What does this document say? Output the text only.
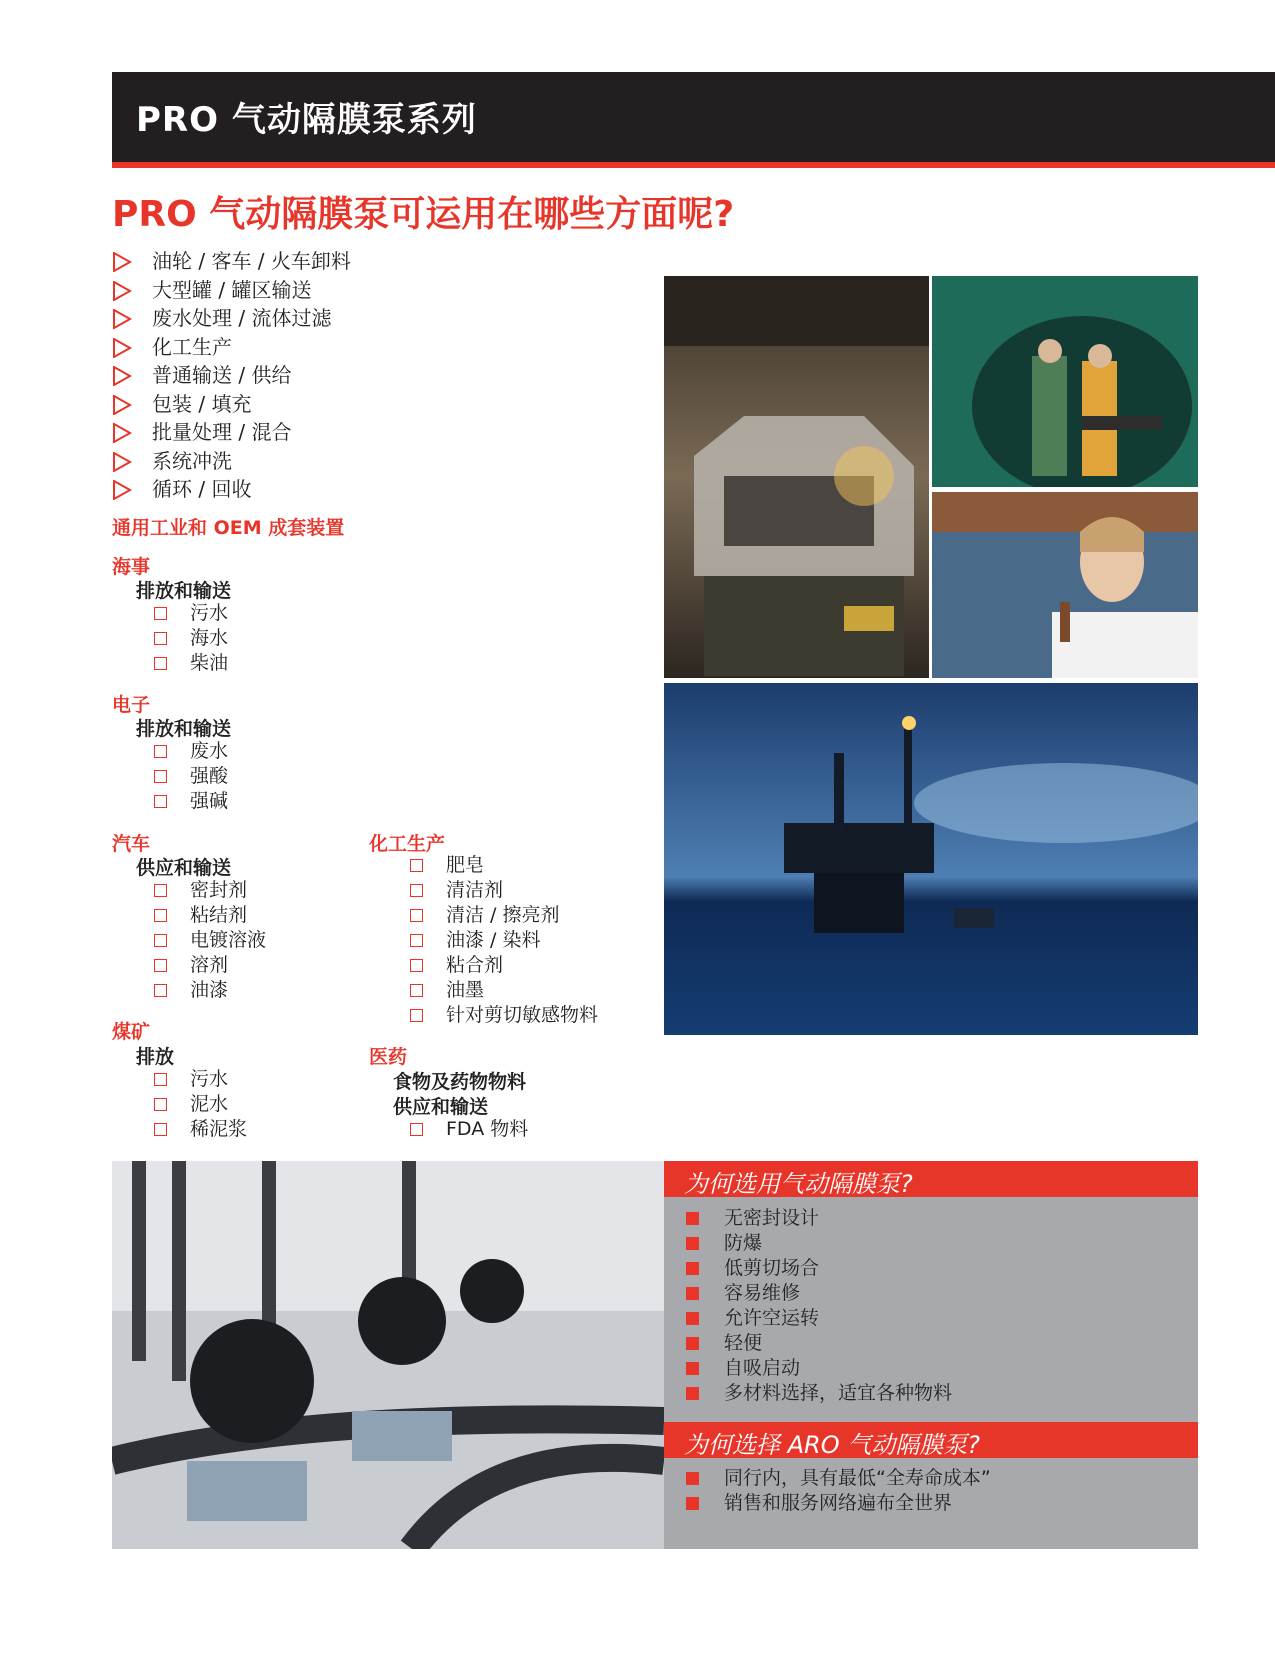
PRO 气动隔膜泵系列
PRO 气动隔膜泵可运用在哪些方面呢?
油轮 / 客车 / 火车卸料
大型罐 / 罐区输送
废水处理 / 流体过滤
化工生产
普通输送 / 供给
包装 / 填充
批量处理 / 混合
系统冲洗
循环 / 回收
通用工业和 OEM 成套装置
海事
排放和输送
污水
海水
柴油
电子
排放和输送
废水
强酸
强碱
汽车
供应和输送
密封剂
粘结剂
电镀溶液
溶剂
油漆
煤矿
排放
污水
泥水
稀泥浆
化工生产
肥皂
清洁剂
清洁 / 擦亮剂
油漆 / 染料
粘合剂
油墨
针对剪切敏感物料
医药
食物及药物物料
供应和输送
FDA 物料
为何选用气动隔膜泵?
无密封设计
防爆
低剪切场合
容易维修
允许空运转
轻便
自吸启动
多材料选择，适宜各种物料
为何选择 ARO 气动隔膜泵?
同行内，具有最低“全寿命成本”
销售和服务网络遍布全世界
